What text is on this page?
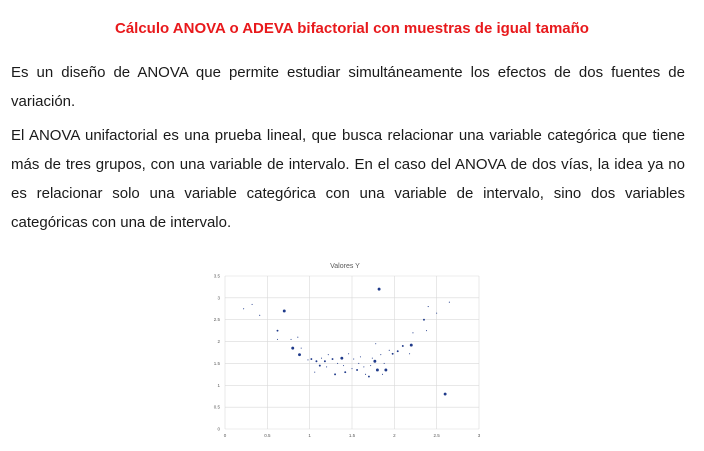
Cálculo ANOVA o ADEVA bifactorial con muestras de igual tamaño

Es un diseño de ANOVA que permite estudiar simultáneamente los efectos de dos fuentes de variación.

El ANOVA unifactorial es una prueba lineal, que busca relacionar una variable categórica que tiene más de tres grupos, con una variable de intervalo. En el caso del ANOVA de dos vías, la idea ya no es relacionar solo una variable categórica con una variable de intervalo, sino dos variables categóricas con una de intervalo.

Valores Y
0
0.5
1
1.5
2
2.5
3
3.5
0	0.5	1	1.5	2	2.5	3
